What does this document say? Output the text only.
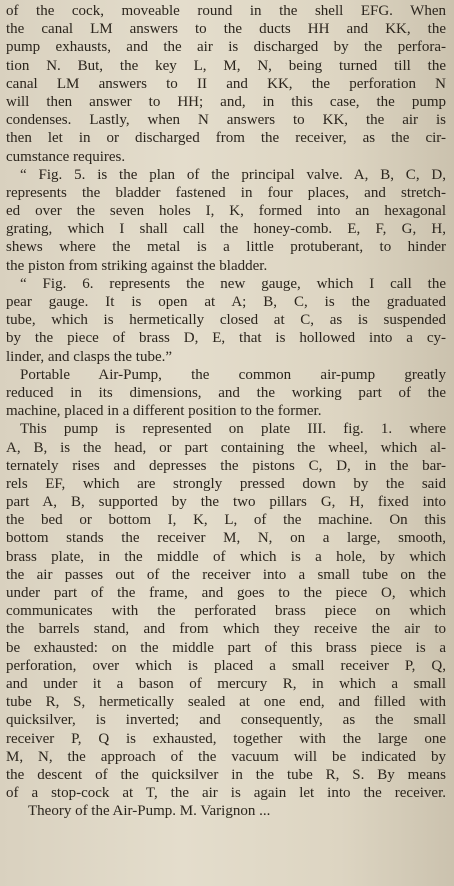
of the cock, moveable round in the shell EFG. When
the canal LM answers to the ducts HH and KK, the
pump exhausts, and the air is discharged by the perfora-
tion N. But, the key L, M, N, being turned till the
canal LM answers to II and KK, the perforation N
will then answer to HH; and, in this case, the pump
condenses. Lastly, when N answers to KK, the air is
then let in or discharged from the receiver, as the cir-
cumstance requires.
“ Fig. 5. is the plan of the principal valve. A, B, C, D,
represents the bladder fastened in four places, and stretch-
ed over the seven holes I, K, formed into an hexagonal
grating, which I shall call the honey-comb. E, F, G, H,
shews where the metal is a little protuberant, to hinder
the piston from striking against the bladder.
“ Fig. 6. represents the new gauge, which I call the
pear gauge. It is open at A; B, C, is the graduated
tube, which is hermetically closed at C, as is suspended
by the piece of brass D, E, that is hollowed into a cy-
linder, and clasps the tube.”
Portable Air-Pump, the common air-pump greatly
reduced in its dimensions, and the working part of the
machine, placed in a different position to the former.
This pump is represented on plate III. fig. 1. where
A, B, is the head, or part containing the wheel, which al-
ternately rises and depresses the pistons C, D, in the bar-
rels EF, which are strongly pressed down by the said
part A, B, supported by the two pillars G, H, fixed into
the bed or bottom I, K, L, of the machine. On this
bottom stands the receiver M, N, on a large, smooth,
brass plate, in the middle of which is a hole, by which
the air passes out of the receiver into a small tube on the
under part of the frame, and goes to the piece O, which
communicates with the perforated brass piece on which
the barrels stand, and from which they receive the air to
be exhausted: on the middle part of this brass piece is a
perforation, over which is placed a small receiver P, Q,
and under it a bason of mercury R, in which a small
tube R, S, hermetically sealed at one end, and filled with
quicksilver, is inverted; and consequently, as the small
receiver P, Q is exhausted, together with the large one
M, N, the approach of the vacuum will be indicated by
the descent of the quicksilver in the tube R, S. By means
of a stop-cock at T, the air is again let into the receiver.
Theory of the Air-Pump. M. Varignon ...
